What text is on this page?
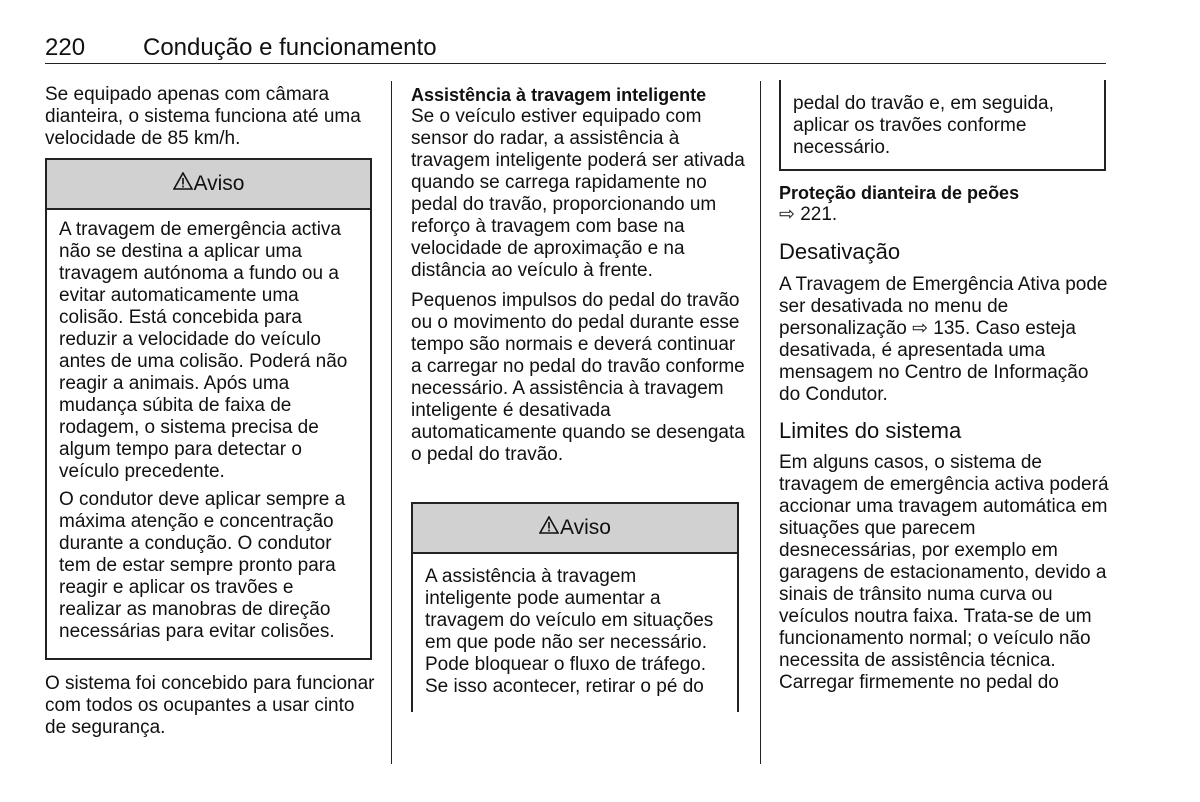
220 Condução e funcionamento

Se equipado apenas com câmara dianteira, o sistema funciona até uma velocidade de 85 km/h.

Aviso

A travagem de emergência activa não se destina a aplicar uma travagem autónoma a fundo ou a evitar automaticamente uma colisão. Está concebida para reduzir a velocidade do veículo antes de uma colisão. Poderá não reagir a animais. Após uma mudança súbita de faixa de rodagem, o sistema precisa de algum tempo para detectar o veículo precedente.

O condutor deve aplicar sempre a máxima atenção e concentração durante a condução. O condutor tem de estar sempre pronto para reagir e aplicar os travões e realizar as manobras de direção necessárias para evitar colisões.

O sistema foi concebido para funcionar com todos os ocupantes a usar cinto de segurança.

Assistência à travagem inteligente

Se o veículo estiver equipado com sensor do radar, a assistência à travagem inteligente poderá ser ativada quando se carrega rapidamente no pedal do travão, proporcionando um reforço à travagem com base na velocidade de aproximação e na distância ao veículo à frente.

Pequenos impulsos do pedal do travão ou o movimento do pedal durante esse tempo são normais e deverá continuar a carregar no pedal do travão conforme necessário. A assistência à travagem inteligente é desativada automaticamente quando se desengata o pedal do travão.

Aviso

A assistência à travagem inteligente pode aumentar a travagem do veículo em situações em que pode não ser necessário. Pode bloquear o fluxo de tráfego. Se isso acontecer, retirar o pé do

pedal do travão e, em seguida, aplicar os travões conforme necessário.

Proteção dianteira de peões

⇨ 221.

Desativação

A Travagem de Emergência Ativa pode ser desativada no menu de personalização ⇨ 135. Caso esteja desativada, é apresentada uma mensagem no Centro de Informação do Condutor.

Limites do sistema

Em alguns casos, o sistema de travagem de emergência activa poderá accionar uma travagem automática em situações que parecem desnecessárias, por exemplo em garagens de estacionamento, devido a sinais de trânsito numa curva ou veículos noutra faixa. Trata-se de um funcionamento normal; o veículo não necessita de assistência técnica. Carregar firmemente no pedal do
